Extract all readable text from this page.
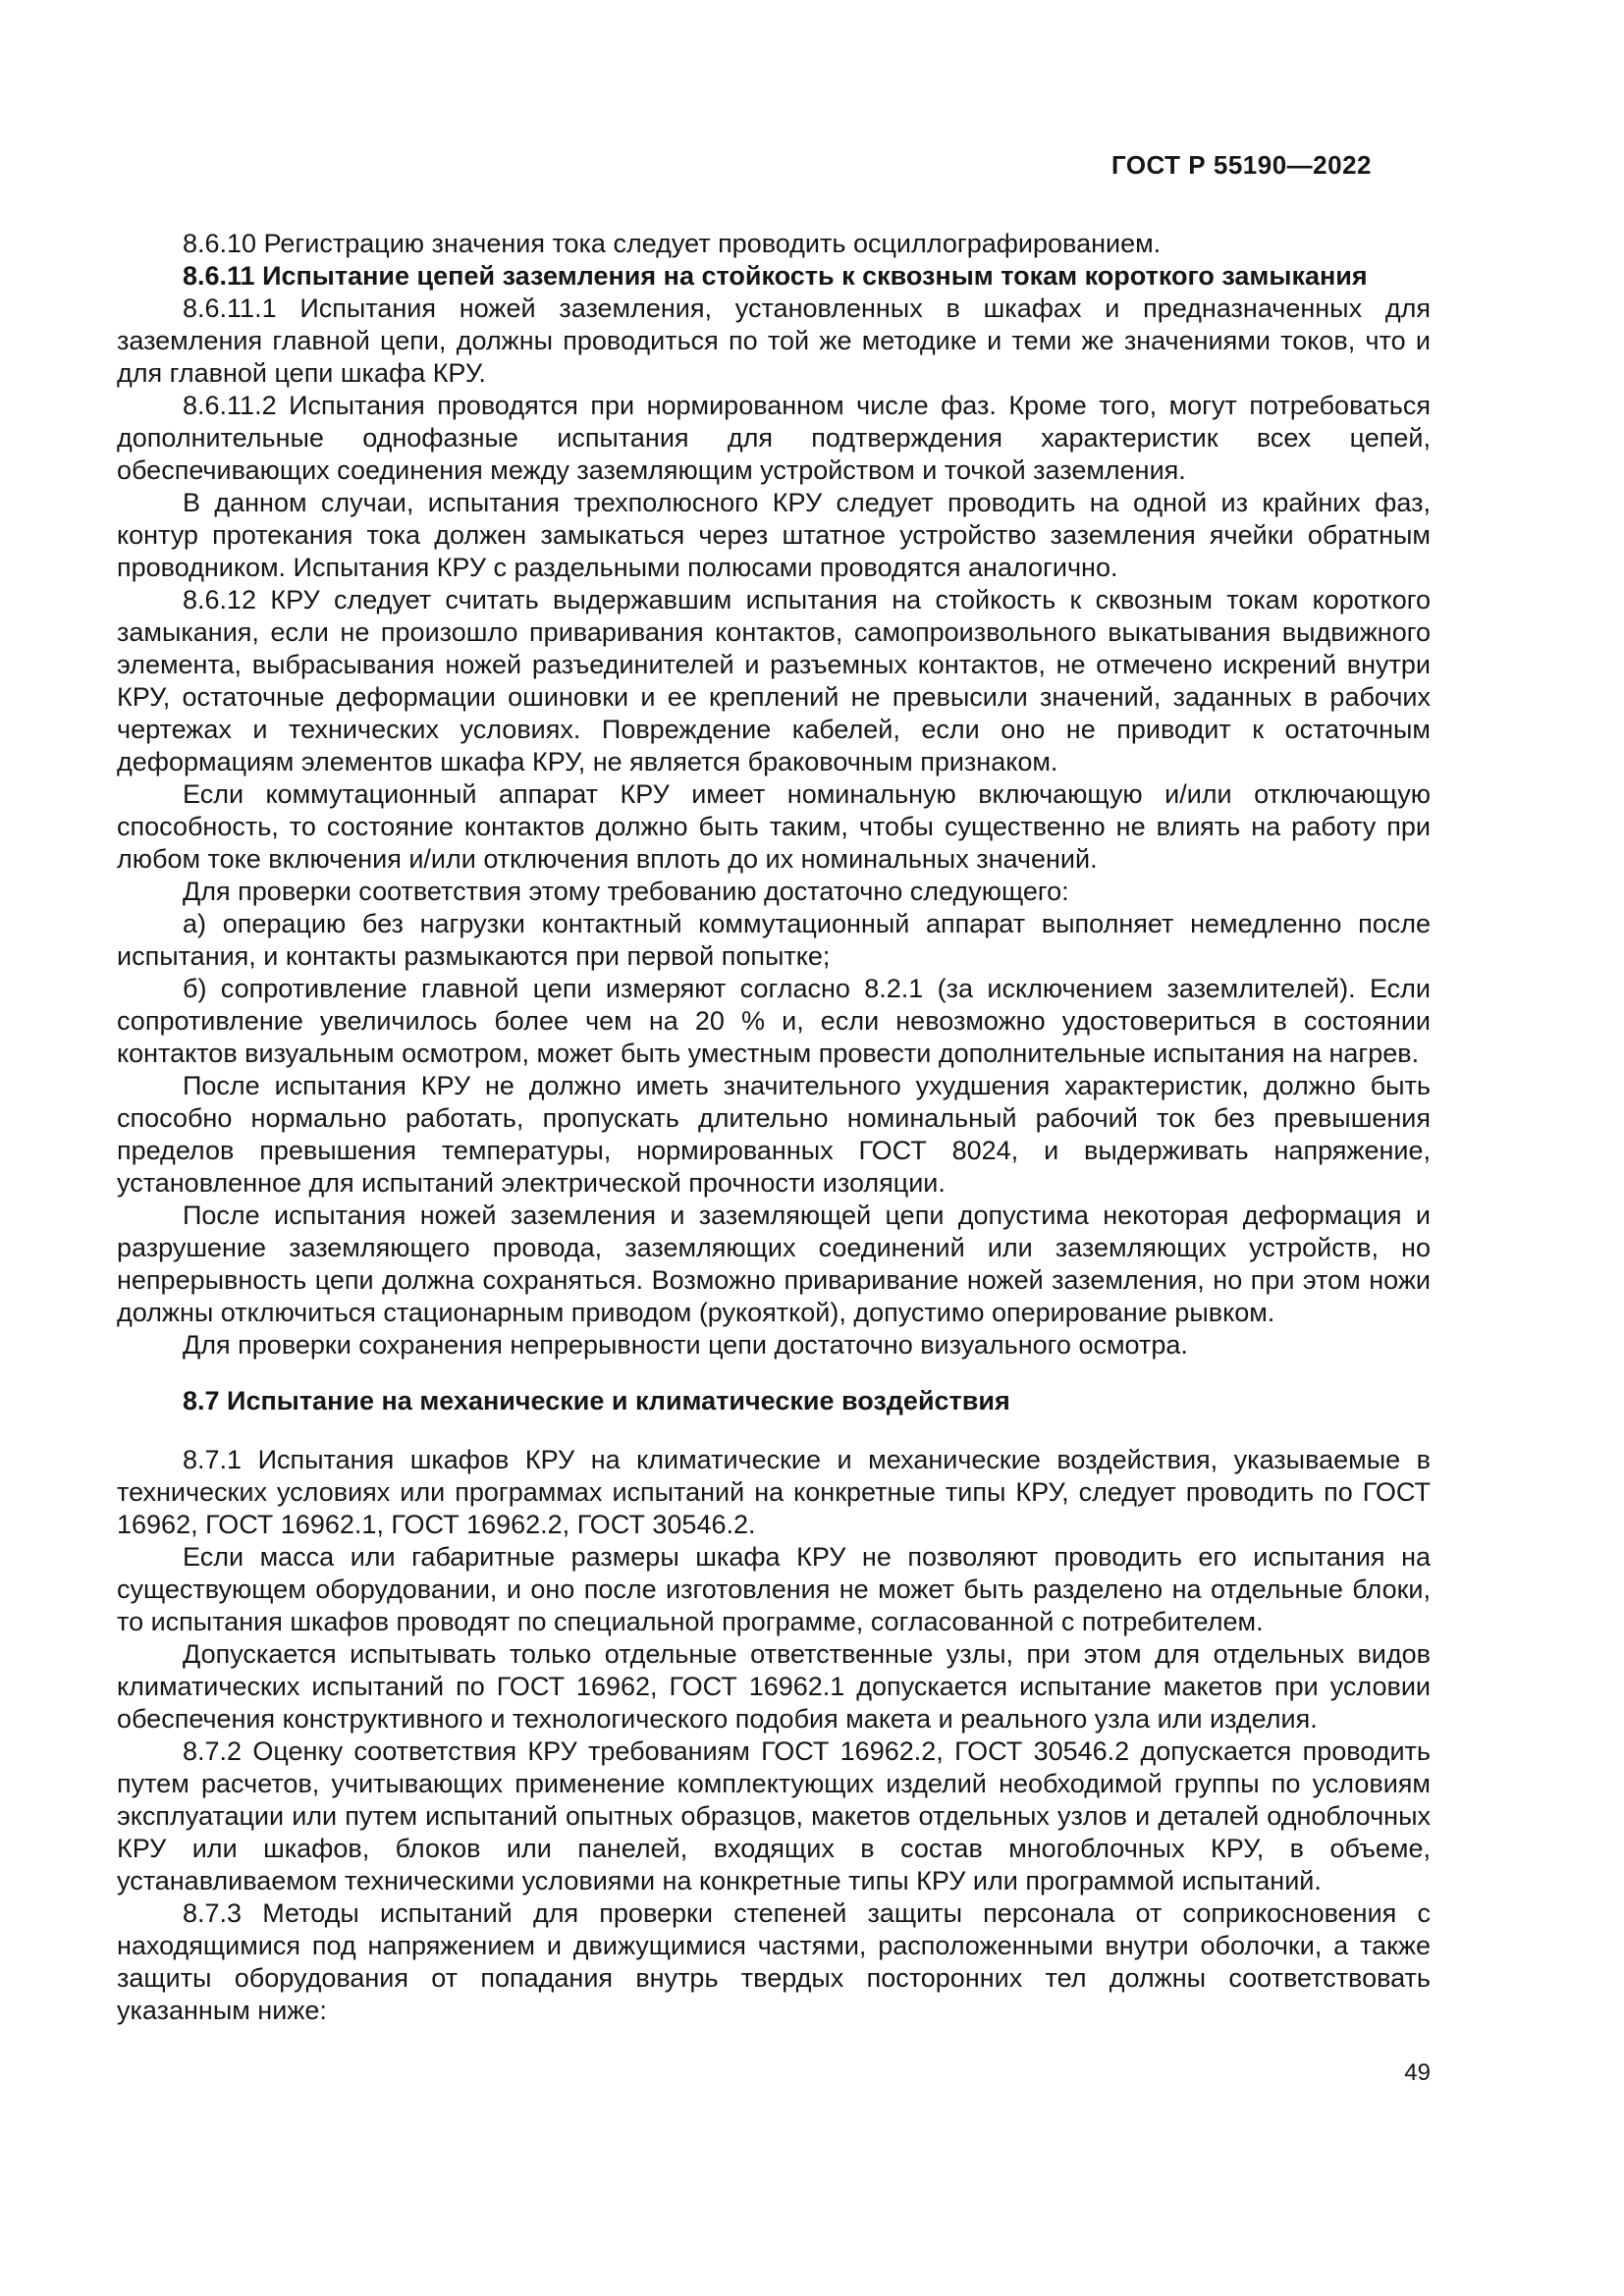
ГОСТ Р 55190—2022

8.6.10 Регистрацию значения тока следует проводить осциллографированием.

8.6.11 Испытание цепей заземления на стойкость к сквозным токам короткого замыкания

8.6.11.1 Испытания ножей заземления, установленных в шкафах и предназначенных для заземления главной цепи, должны проводиться по той же методике и теми же значениями токов, что и для главной цепи шкафа КРУ.

8.6.11.2 Испытания проводятся при нормированном числе фаз. Кроме того, могут потребоваться дополнительные однофазные испытания для подтверждения характеристик всех цепей, обеспечивающих соединения между заземляющим устройством и точкой заземления.

В данном случаи, испытания трехполюсного КРУ следует проводить на одной из крайних фаз, контур протекания тока должен замыкаться через штатное устройство заземления ячейки обратным проводником. Испытания КРУ с раздельными полюсами проводятся аналогично.

8.6.12 КРУ следует считать выдержавшим испытания на стойкость к сквозным токам короткого замыкания, если не произошло приваривания контактов, самопроизвольного выкатывания выдвижного элемента, выбрасывания ножей разъединителей и разъемных контактов, не отмечено искрений внутри КРУ, остаточные деформации ошиновки и ее креплений не превысили значений, заданных в рабочих чертежах и технических условиях. Повреждение кабелей, если оно не приводит к остаточным деформациям элементов шкафа КРУ, не является браковочным признаком.

Если коммутационный аппарат КРУ имеет номинальную включающую и/или отключающую способность, то состояние контактов должно быть таким, чтобы существенно не влиять на работу при любом токе включения и/или отключения вплоть до их номинальных значений.

Для проверки соответствия этому требованию достаточно следующего:

а) операцию без нагрузки контактный коммутационный аппарат выполняет немедленно после испытания, и контакты размыкаются при первой попытке;

б) сопротивление главной цепи измеряют согласно 8.2.1 (за исключением заземлителей). Если сопротивление увеличилось более чем на 20 % и, если невозможно удостовериться в состоянии контактов визуальным осмотром, может быть уместным провести дополнительные испытания на нагрев.

После испытания КРУ не должно иметь значительного ухудшения характеристик, должно быть способно нормально работать, пропускать длительно номинальный рабочий ток без превышения пределов превышения температуры, нормированных ГОСТ 8024, и выдерживать напряжение, установленное для испытаний электрической прочности изоляции.

После испытания ножей заземления и заземляющей цепи допустима некоторая деформация и разрушение заземляющего провода, заземляющих соединений или заземляющих устройств, но непрерывность цепи должна сохраняться. Возможно приваривание ножей заземления, но при этом ножи должны отключиться стационарным приводом (рукояткой), допустимо оперирование рывком.

Для проверки сохранения непрерывности цепи достаточно визуального осмотра.

8.7 Испытание на механические и климатические воздействия

8.7.1 Испытания шкафов КРУ на климатические и механические воздействия, указываемые в технических условиях или программах испытаний на конкретные типы КРУ, следует проводить по ГОСТ 16962, ГОСТ 16962.1, ГОСТ 16962.2, ГОСТ 30546.2.

Если масса или габаритные размеры шкафа КРУ не позволяют проводить его испытания на существующем оборудовании, и оно после изготовления не может быть разделено на отдельные блоки, то испытания шкафов проводят по специальной программе, согласованной с потребителем.

Допускается испытывать только отдельные ответственные узлы, при этом для отдельных видов климатических испытаний по ГОСТ 16962, ГОСТ 16962.1 допускается испытание макетов при условии обеспечения конструктивного и технологического подобия макета и реального узла или изделия.

8.7.2 Оценку соответствия КРУ требованиям ГОСТ 16962.2, ГОСТ 30546.2 допускается проводить путем расчетов, учитывающих применение комплектующих изделий необходимой группы по условиям эксплуатации или путем испытаний опытных образцов, макетов отдельных узлов и деталей одноблочных КРУ или шкафов, блоков или панелей, входящих в состав многоблочных КРУ, в объеме, устанавливаемом техническими условиями на конкретные типы КРУ или программой испытаний.

8.7.3 Методы испытаний для проверки степеней защиты персонала от соприкосновения с находящимися под напряжением и движущимися частями, расположенными внутри оболочки, а также защиты оборудования от попадания внутрь твердых посторонних тел должны соответствовать указанным ниже:

49
